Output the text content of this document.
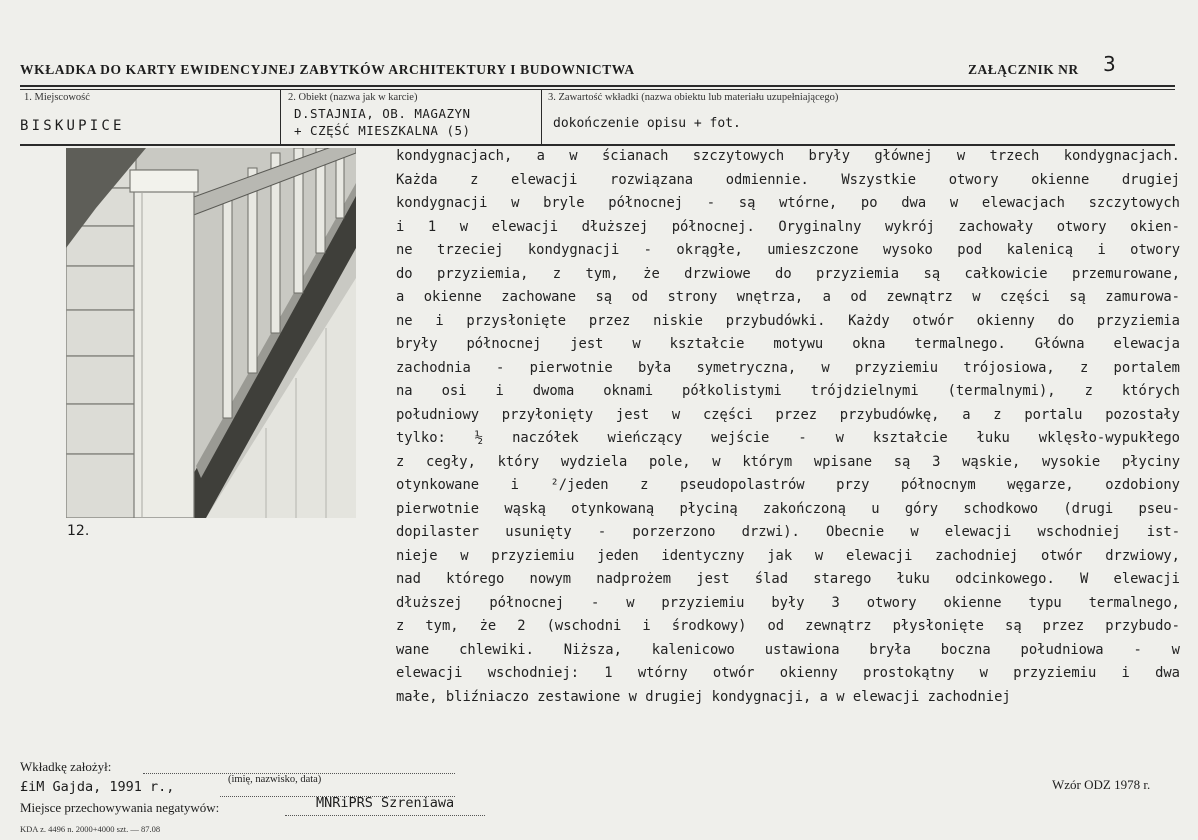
WKŁADKA DO KARTY EWIDENCYJNEJ ZABYTKÓW ARCHITEKTURY I BUDOWNICTWA	ZAŁĄCZNIK NR 3
1. Miejscowość
BISKUPICE
2. Obiekt (nazwa jak w karcie)
D.STAJNIA, OB. MAGAZYN
+ CZĘŚĆ MIESZKALNA (5)
3. Zawartość wkładki (nazwa obiektu lub materiału uzupełniającego)
dokończenie opisu + fot.
12.
kondygnacjach, a w ścianach szczytowych bryły głównej w trzech kondygnacjach.
Każda z elewacji rozwiązana odmiennie. Wszystkie otwory okienne drugiej
kondygnacji w bryle północnej - są wtórne, po dwa w elewacjach szczytowych
i 1 w elewacji dłuższej północnej. Oryginalny wykrój zachowały otwory okien-
ne trzeciej kondygnacji - okrągłe, umieszczone wysoko pod kalenicą i otwory
do przyziemia, z tym, że drzwiowe do przyziemia są całkowicie przemurowane,
a okienne zachowane są od strony wnętrza, a od zewnątrz w części są zamurowa-
ne i przysłonięte przez niskie przybudówki. Każdy otwór okienny do przyziemia
bryły północnej jest w kształcie motywu okna termalnego. Główna elewacja
zachodnia - pierwotnie była symetryczna, w przyziemiu trójosiowa, z portalem
na osi i dwoma oknami półkolistymi trójdzielnymi (termalnymi), z których
południowy przyłonięty jest w części przez przybudówkę, a z portalu pozostały
tylko: ½ naczółek wieńczący wejście - w kształcie łuku wklęsło-wypukłego
z cegły, który wydziela pole, w którym wpisane są 3 wąskie, wysokie płyciny
otynkowane i ²/jeden z pseudopolastrów przy północnym węgarze, ozdobiony
pierwotnie wąską otynkowaną płyciną zakończoną u góry schodkowo (drugi pseu-
dopilaster usunięty - porzerzono drzwi). Obecnie w elewacji wschodniej ist-
nieje w przyziemiu jeden identyczny jak w elewacji zachodniej otwór drzwiowy,
nad którego nowym nadprożem jest ślad starego łuku odcinkowego. W elewacji
dłuższej północnej - w przyziemiu były 3 otwory okienne typu termalnego,
z tym, że 2 (wschodni i środkowy) od zewnątrz płysłonięte są przez przybudo-
wane chlewiki. Niższa, kalenicowo ustawiona bryła boczna południowa - w
elewacji wschodniej: 1 wtórny otwór okienny prostokątny w przyziemiu i dwa
małe, bliźniaczo zestawione w drugiej kondygnacji, a w elewacji zachodniej
Wkładkę założył:
£iM Gajda, 1991 r.,	(imię, nazwisko, data)
Miejsce przechowywania negatywów:	MNRiPRS Szreniawa
Wzór ODZ 1978 r.
KDA z. 4496 n. 2000+4000 szt. — 87.08
